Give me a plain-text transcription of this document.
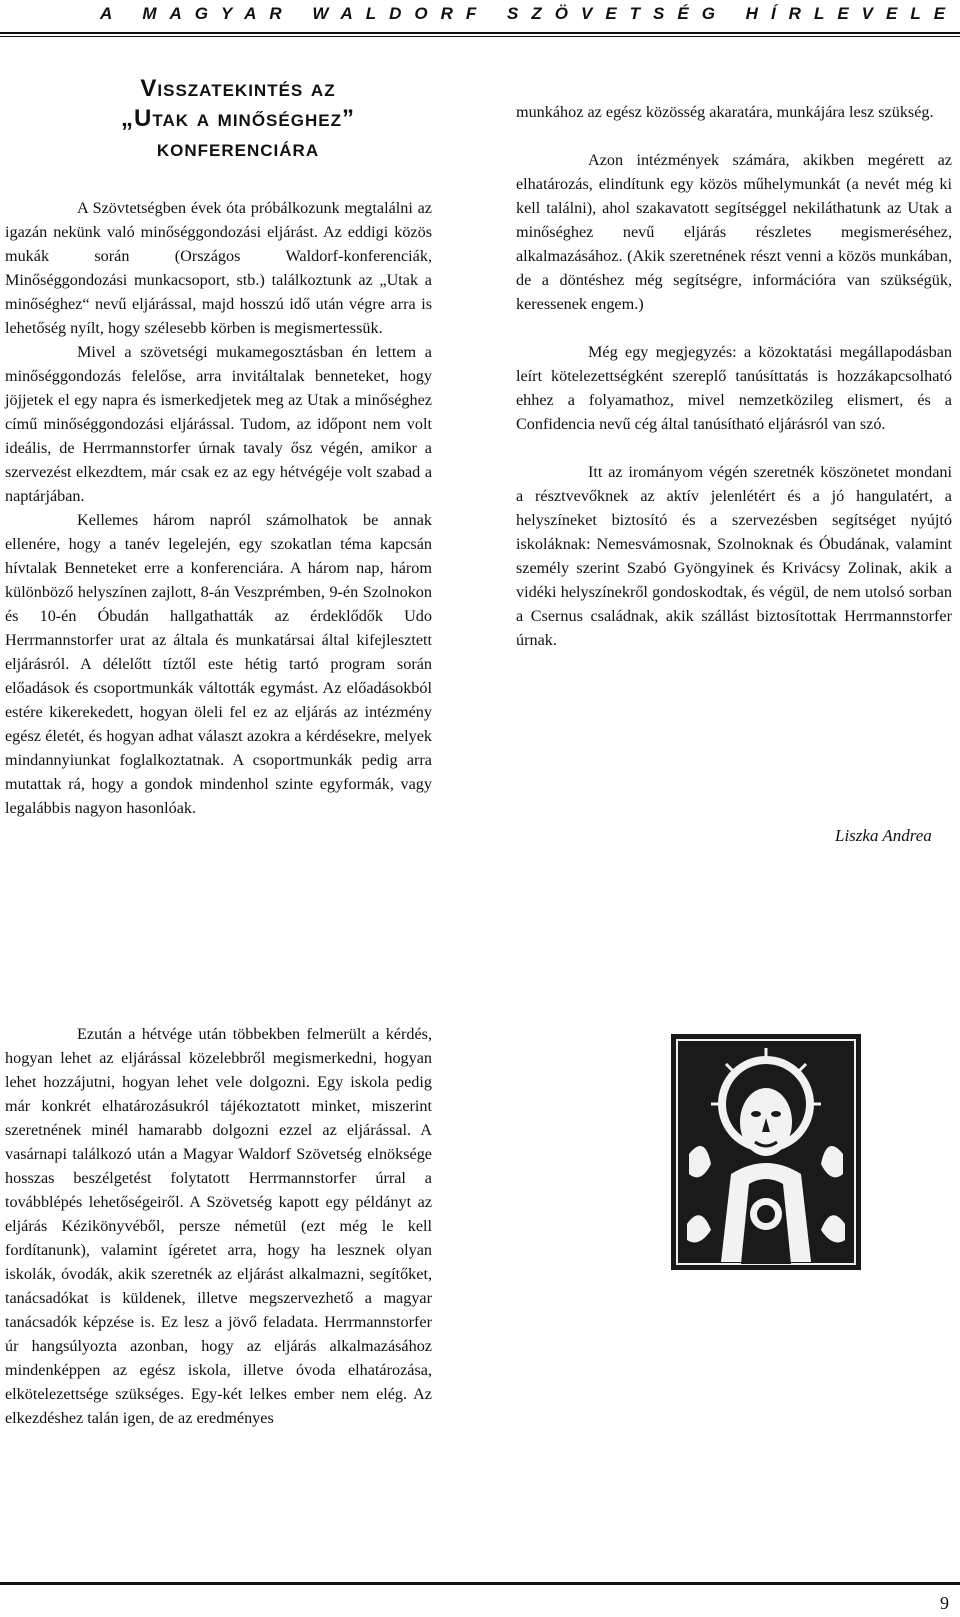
A MAGYAR WALDORF SZÖVETSÉG HÍRLEVELE
Visszatekintés az
„Utak a minőséghez”
konferenciára

A Szövtetségben évek óta próbálkozunk megtalálni az igazán nekünk való minőséggondozási eljárást. Az eddigi közös mukák során (Országos Waldorf-konferenciák, Minőséggondozási munkacsoport, stb.) találkoztunk az „Utak a minőséghez“ nevű eljárással, majd hosszú idő után végre arra is lehetőség nyílt, hogy szélesebb körben is megismertessük.

Mivel a szövetségi mukamegosztásban én lettem a minőséggondozás felelőse, arra invitáltalak benneteket, hogy jöjjetek el egy napra és ismerkedjetek meg az Utak a minőséghez című minőséggondozási eljárással. Tudom, az időpont nem volt ideális, de Herrmannstorfer úrnak tavaly ősz végén, amikor a szervezést elkezdtem, már csak ez az egy hétvégéje volt szabad a naptárjában.

Kellemes három napról számolhatok be annak ellenére, hogy a tanév legelején, egy szokatlan téma kapcsán hívtalak Benneteket erre a konferenciára. A három nap, három különböző helyszínen zajlott, 8-án Veszprémben, 9-én Szolnokon és 10-én Óbudán hallgathatták az érdeklődők Udo Herrmannstorfer urat az általa és munkatársai által kifejlesztett eljárásról. A délelőtt tíztől este hétig tartó program során előadások és csoportmunkák váltották egymást. Az előadásokból estére kikerekedett, hogyan öleli fel ez az eljárás az intézmény egész életét, és hogyan adhat választ azokra a kérdésekre, melyek mindannyiunkat foglalkoztatnak. A csoportmunkák pedig arra mutattak rá, hogy a gondok mindenhol szinte egyformák, vagy legalábbis nagyon hasonlóak.

Ezután a hétvége után többekben felmerült a kérdés, hogyan lehet az eljárással közelebbről megismerkedni, hogyan lehet hozzájutni, hogyan lehet vele dolgozni. Egy iskola pedig már konkrét elhatározásukról tájékoztatott minket, miszerint szeretnének minél hamarabb dolgozni ezzel az eljárással. A vasárnapi találkozó után a Magyar Waldorf Szövetség elnöksége hosszas beszélgetést folytatott Herrmannstorfer úrral a továbblépés lehetőségeiről. A Szövetség kapott egy példányt az eljárás Kézikönyvéből, persze németül (ezt még le kell fordítanunk), valamint ígéretet arra, hogy ha lesznek olyan iskolák, óvodák, akik szeretnék az eljárást alkalmazni, segítőket, tanácsadókat is küldenek, illetve megszervezhető a magyar tanácsadók képzése is. Ez lesz a jövő feladata. Herrmannstorfer úr hangsúlyozta azonban, hogy az eljárás alkalmazásához mindenképpen az egész iskola, illetve óvoda elhatározása, elkötelezettsége szükséges. Egy-két lelkes ember nem elég. Az elkezdéshez talán igen, de az eredményes

munkához az egész közösség akaratára, munkájára lesz szükség.

Azon intézmények számára, akikben megérett az elhatározás, elindítunk egy közös műhelymunkát (a nevét még ki kell találni), ahol szakavatott segítséggel nekiláthatunk az Utak a minőséghez nevű eljárás részletes megismeréséhez, alkalmazásához. (Akik szeretnének részt venni a közös munkában, de a döntéshez még segítségre, információra van szükségük, keressenek engem.)

Még egy megjegyzés: a közoktatási megállapodásban leírt kötelezettségként szereplő tanúsíttatás is hozzákapcsolható ehhez a folyamathoz, mivel nemzetközileg elismert, és a Confidencia nevű cég által tanúsítható eljárásról van szó.

Itt az irományom végén szeretnék köszönetet mondani a résztvevőknek az aktív jelenlétért és a jó hangulatért, a helyszíneket biztosító és a szervezésben segítséget nyújtó iskoláknak: Nemesvámosnak, Szolnoknak és Óbudának, valamint személy szerint Szabó Gyöngyinek és Krivácsy Zolinak, akik a vidéki helyszínekről gondoskodtak, és végül, de nem utolsó sorban a Csernus családnak, akik szállást biztosítottak Herrmannstorfer úrnak.

Liszka Andrea
9
